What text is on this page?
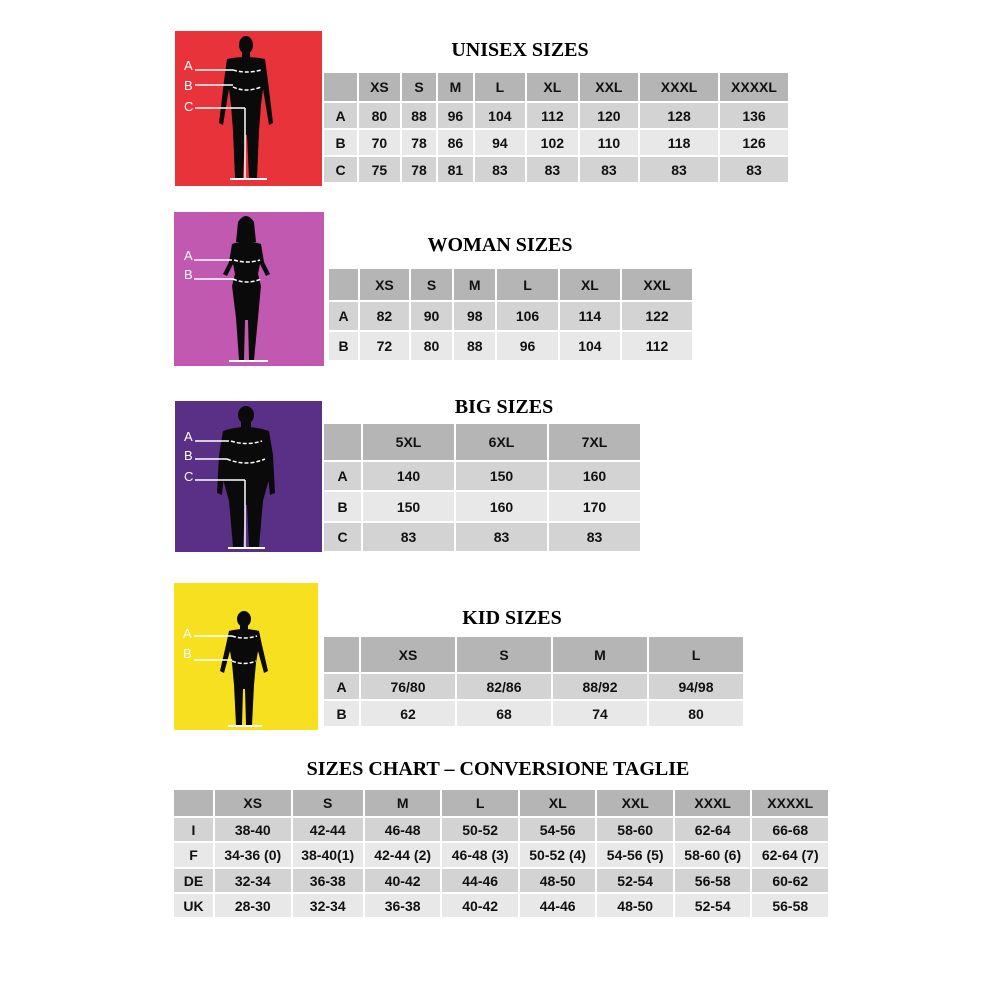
A
B
C
UNISEX SIZES
	XS	S	M	L	XL	XXL	XXXL	XXXXL
A	80	88	96	104	112	120	128	136
B	70	78	86	94	102	110	118	126
C	75	78	81	83	83	83	83	83
A
B
WOMAN SIZES
	XS	S	M	L	XL	XXL
A	82	90	98	106	114	122
B	72	80	88	96	104	112
A
B
C
BIG SIZES
	5XL	6XL	7XL
A	140	150	160
B	150	160	170
C	83	83	83
A
B
KID SIZES
	XS	S	M	L
A	76/80	82/86	88/92	94/98
B	62	68	74	80
SIZES CHART – CONVERSIONE TAGLIE
	XS	S	M	L	XL	XXL	XXXL	XXXXL
I	38-40	42-44	46-48	50-52	54-56	58-60	62-64	66-68
F	34-36 (0)	38-40(1)	42-44 (2)	46-48 (3)	50-52 (4)	54-56 (5)	58-60 (6)	62-64 (7)
DE	32-34	36-38	40-42	44-46	48-50	52-54	56-58	60-62
UK	28-30	32-34	36-38	40-42	44-46	48-50	52-54	56-58
